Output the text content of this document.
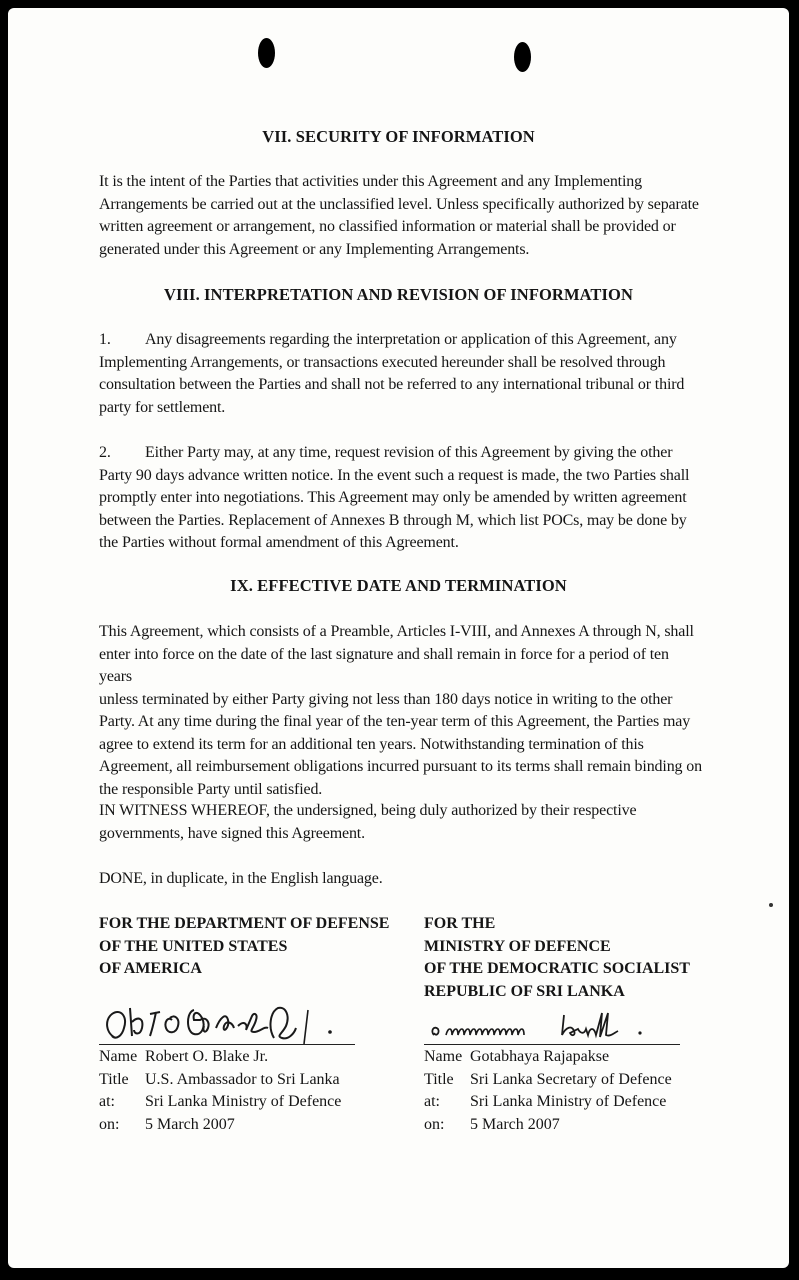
VII. SECURITY OF INFORMATION

It is the intent of the Parties that activities under this Agreement and any Implementing

Arrangements be carried out at the unclassified level. Unless specifically authorized by separate

written agreement or arrangement, no classified information or material shall be provided or

generated under this Agreement or any Implementing Arrangements.

VIII. INTERPRETATION AND REVISION OF INFORMATION

1. Any disagreements regarding the interpretation or application of this Agreement, any

Implementing Arrangements, or transactions executed hereunder shall be resolved through

consultation between the Parties and shall not be referred to any international tribunal or third

party for settlement.

2. Either Party may, at any time, request revision of this Agreement by giving the other

Party 90 days advance written notice. In the event such a request is made, the two Parties shall

promptly enter into negotiations. This Agreement may only be amended by written agreement

between the Parties. Replacement of Annexes B through M, which list POCs, may be done by

the Parties without formal amendment of this Agreement.

IX. EFFECTIVE DATE AND TERMINATION

This Agreement, which consists of a Preamble, Articles I-VIII, and Annexes A through N, shall

enter into force on the date of the last signature and shall remain in force for a period of ten years

unless terminated by either Party giving not less than 180 days notice in writing to the other

Party. At any time during the final year of the ten-year term of this Agreement, the Parties may

agree to extend its term for an additional ten years. Notwithstanding termination of this

Agreement, all reimbursement obligations incurred pursuant to its terms shall remain binding on

the responsible Party until satisfied.

IN WITNESS WHEREOF, the undersigned, being duly authorized by their respective

governments, have signed this Agreement.

DONE, in duplicate, in the English language.

FOR THE DEPARTMENT OF DEFENSE
OF THE UNITED STATES
OF AMERICA
Name Robert O. Blake Jr.
Title U.S. Ambassador to Sri Lanka
at: Sri Lanka Ministry of Defence
on: 5 March 2007
FOR THE
MINISTRY OF DEFENCE
OF THE DEMOCRATIC SOCIALIST
REPUBLIC OF SRI LANKA
Name Gotabhaya Rajapakse
Title Sri Lanka Secretary of Defence
at: Sri Lanka Ministry of Defence
on: 5 March 2007
